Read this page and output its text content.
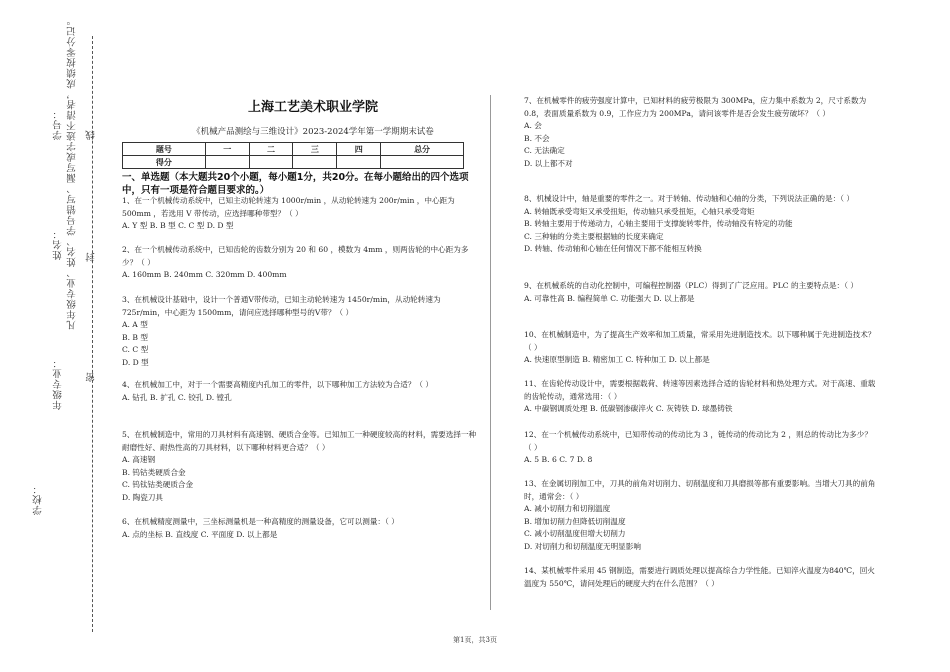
学号： 凡年级专业、姓名、学号错写、漏写或字迹不清者，成绩按零分记。 线
姓名： 封
年级专业： 密
学校：
上海工艺美术职业学院
《机械产品测绘与三维设计》2023-2024学年第一学期期末试卷
题号	一	二	三	四	总分
得分					
一、单选题（本大题共20个小题，每小题1分，共20分。在每小题给出的四个选项中，只有一项是符合题目要求的。）

1、在一个机械传动系统中，已知主动轮转速为 1000r/min ，从动轮转速为 200r/min ，中心距为 500mm ，若选用 V 带传动，应选择哪种带型？（ ）

A. Y 型 B. B 型 C. C 型 D. D 型

2、在一个机械传动系统中，已知齿轮的齿数分别为 20 和 60 ，模数为 4mm ，则两齿轮的中心距为多少？（ ）

A. 160mm B. 240mm C. 320mm D. 400mm

3、在机械设计基础中，设计一个普通V带传动，已知主动轮转速为 1450r/min，从动轮转速为 725r/min，中心距为 1500mm，请问应选择哪种型号的V带？（ ）

A. A 型

B. B 型

C. C 型

D. D 型

4、在机械加工中，对于一个需要高精度内孔加工的零件，以下哪种加工方法较为合适？（ ）

A. 钻孔 B. 扩孔 C. 铰孔 D. 镗孔

5、在机械制造中，常用的刀具材料有高速钢、硬质合金等。已知加工一种硬度较高的材料，需要选择一种耐磨性好、耐热性高的刀具材料，以下哪种材料更合适？（ ）

A. 高速钢

B. 钨钴类硬质合金

C. 钨钛钴类硬质合金

D. 陶瓷刀具

6、在机械精度测量中，三坐标测量机是一种高精度的测量设备，它可以测量：（ ）

A. 点的坐标 B. 直线度 C. 平面度 D. 以上都是

7、在机械零件的疲劳强度计算中，已知材料的疲劳极限为 300MPa，应力集中系数为 2，尺寸系数为 0.8，表面质量系数为 0.9，工作应力为 200MPa，请问该零件是否会发生疲劳破坏？（ ）

A. 会

B. 不会

C. 无法确定

D. 以上都不对

8、机械设计中，轴是重要的零件之一。对于转轴、传动轴和心轴的分类，下列说法正确的是：（ ）

A. 转轴既承受弯矩又承受扭矩，传动轴只承受扭矩，心轴只承受弯矩

B. 转轴主要用于传递动力，心轴主要用于支撑旋转零件，传动轴没有特定的功能

C. 三种轴的分类主要根据轴的长度来确定

D. 转轴、传动轴和心轴在任何情况下都不能相互转换

9、在机械系统的自动化控制中，可编程控制器（PLC）得到了广泛应用。PLC 的主要特点是：（ ）

A. 可靠性高 B. 编程简单 C. 功能强大 D. 以上都是

10、在机械制造中，为了提高生产效率和加工质量，常采用先进制造技术。以下哪种属于先进制造技术？（ ）

A. 快速原型制造 B. 精密加工 C. 特种加工 D. 以上都是

11、在齿轮传动设计中，需要根据载荷、转速等因素选择合适的齿轮材料和热处理方式。对于高速、重载的齿轮传动，通常选用：（ ）

A. 中碳钢调质处理 B. 低碳钢渗碳淬火 C. 灰铸铁 D. 球墨铸铁

12、在一个机械传动系统中，已知带传动的传动比为 3 ，链传动的传动比为 2 ，则总的传动比为多少？（ ）

A. 5 B. 6 C. 7 D. 8

13、在金属切削加工中，刀具的前角对切削力、切削温度和刀具磨损等都有重要影响。当增大刀具的前角时，通常会：（ ）

A. 减小切削力和切削温度

B. 增加切削力但降低切削温度

C. 减小切削温度但增大切削力

D. 对切削力和切削温度无明显影响

14、某机械零件采用 45 钢制造，需要进行调质处理以提高综合力学性能。已知淬火温度为840℃，回火温度为 550℃，请问处理后的硬度大约在什么范围？（ ）

第1页，共3页
